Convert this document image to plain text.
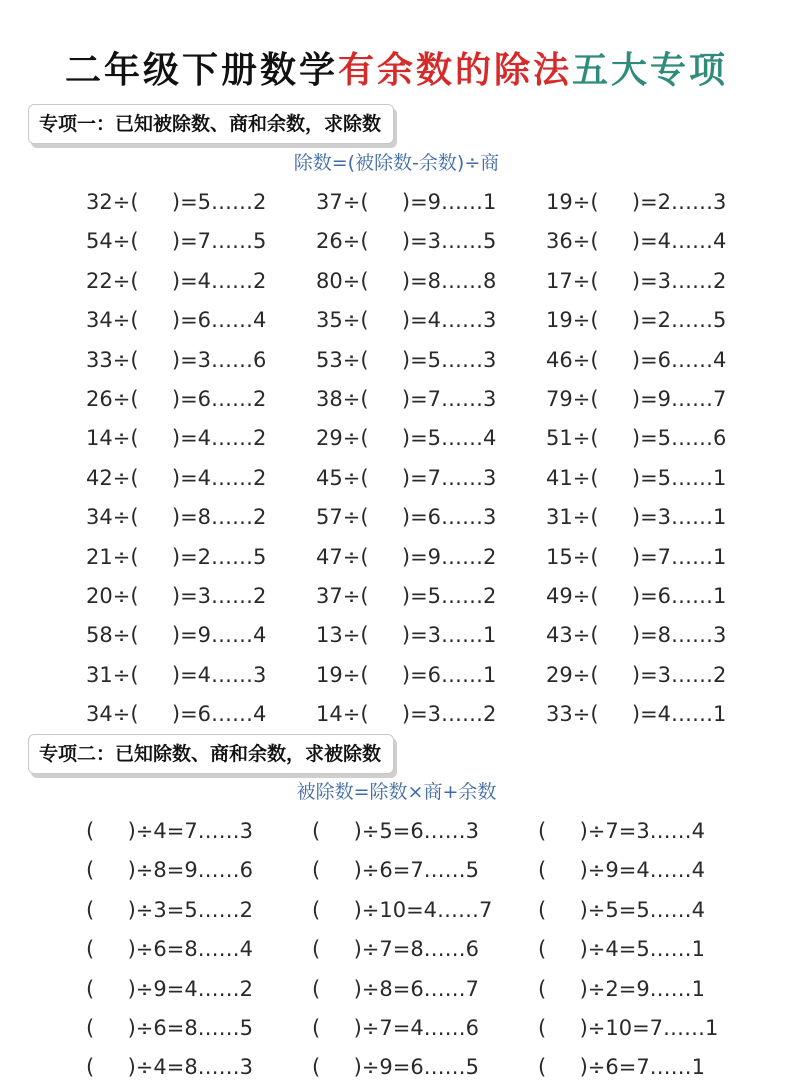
二年级下册数学有余数的除法五大专项
专项一：已知被除数、商和余数，求除数
除数=(被除数-余数)÷商
32÷(     )=5……2 37÷(     )=9……1 19÷(     )=2……3
54÷(     )=7……5 26÷(     )=3……5 36÷(     )=4……4
22÷(     )=4……2 80÷(     )=8……8 17÷(     )=3……2
34÷(     )=6……4 35÷(     )=4……3 19÷(     )=2……5
33÷(     )=3……6 53÷(     )=5……3 46÷(     )=6……4
26÷(     )=6……2 38÷(     )=7……3 79÷(     )=9……7
14÷(     )=4……2 29÷(     )=5……4 51÷(     )=5……6
42÷(     )=4……2 45÷(     )=7……3 41÷(     )=5……1
34÷(     )=8……2 57÷(     )=6……3 31÷(     )=3……1
21÷(     )=2……5 47÷(     )=9……2 15÷(     )=7……1
20÷(     )=3……2 37÷(     )=5……2 49÷(     )=6……1
58÷(     )=9……4 13÷(     )=3……1 43÷(     )=8……3
31÷(     )=4……3 19÷(     )=6……1 29÷(     )=3……2
34÷(     )=6……4 14÷(     )=3……2 33÷(     )=4……1
专项二：已知除数、商和余数，求被除数
被除数=除数×商+余数
(     )÷4=7……3	(     )÷5=6……3	(     )÷7=3……4
(     )÷8=9……6	(     )÷6=7……5	(     )÷9=4……4
(     )÷3=5……2	(     )÷10=4……7 (     )÷5=5……4
(     )÷6=8……4	(     )÷7=8……6	(     )÷4=5……1
(     )÷9=4……2	(     )÷8=6……7	(     )÷2=9……1
(     )÷6=8……5	(     )÷7=4……6	(     )÷10=7……1
(     )÷4=8……3	(     )÷9=6……5	(     )÷6=7……1
